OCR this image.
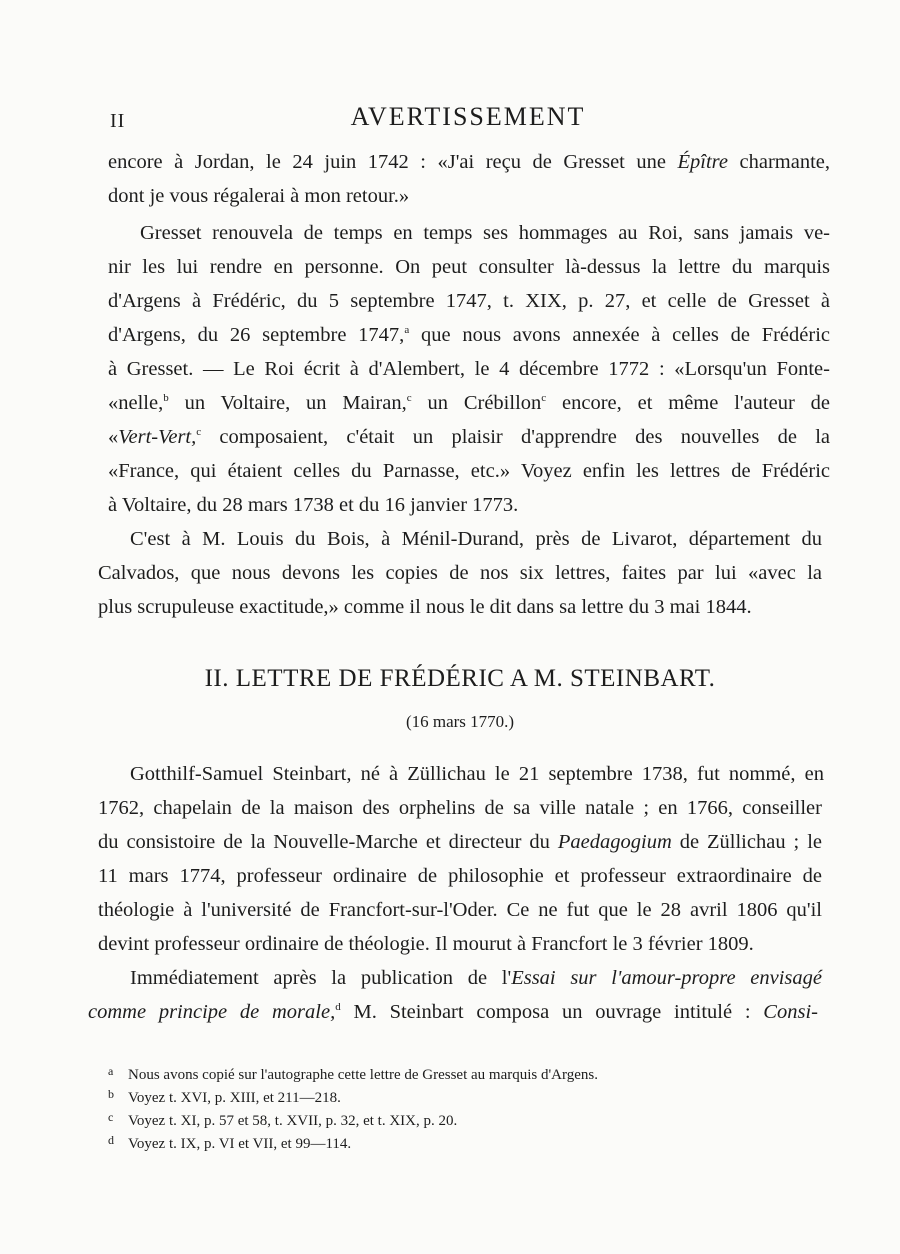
II	AVERTISSEMENT
encore à Jordan, le 24 juin 1742 : «J'ai reçu de Gresset une Épître charmante,
dont je vous régalerai à mon retour.»
Gresset renouvela de temps en temps ses hommages au Roi, sans jamais ve-
nir les lui rendre en personne. On peut consulter là-dessus la lettre du marquis
d'Argens à Frédéric, du 5 septembre 1747, t. XIX, p. 27, et celle de Gresset à
d'Argens, du 26 septembre 1747,$^a$ que nous avons annexée à celles de Frédéric
à Gresset. — Le Roi écrit à d'Alembert, le 4 décembre 1772 : «Lorsqu'un Fonte-
«nelle,$^b$ un Voltaire, un Mairan,$^c$ un Crébillon$^c$ encore, et même l'auteur de
«Vert-Vert,$^c$ composaient, c'était un plaisir d'apprendre des nouvelles de la
«France, qui étaient celles du Parnasse, etc.» Voyez enfin les lettres de Frédéric
à Voltaire, du 28 mars 1738 et du 16 janvier 1773.
C'est à M. Louis du Bois, à Ménil-Durand, près de Livarot, département du
Calvados, que nous devons les copies de nos six lettres, faites par lui «avec la
plus scrupuleuse exactitude,» comme il nous le dit dans sa lettre du 3 mai 1844.
II. LETTRE DE FRÉDÉRIC A M. STEINBART.
(16 mars 1770.)
Gotthilf-Samuel Steinbart, né à Züllichau le 21 septembre 1738, fut nommé, en
1762, chapelain de la maison des orphelins de sa ville natale ; en 1766, conseiller
du consistoire de la Nouvelle-Marche et directeur du Paedagogium de Züllichau ; le
11 mars 1774, professeur ordinaire de philosophie et professeur extraordinaire de
théologie à l'université de Francfort-sur-l'Oder. Ce ne fut que le 28 avril 1806 qu'il
devint professeur ordinaire de théologie. Il mourut à Francfort le 3 février 1809.
Immédiatement après la publication de l'Essai sur l'amour-propre envisagé
comme principe de morale,$^d$ M. Steinbart composa un ouvrage intitulé : Consi-
a Nous avons copié sur l'autographe cette lettre de Gresset au marquis d'Argens.
b Voyez t. XVI, p. XIII, et 211—218.
c Voyez t. XI, p. 57 et 58, t. XVII, p. 32, et t. XIX, p. 20.
d Voyez t. IX, p. VI et VII, et 99—114.
